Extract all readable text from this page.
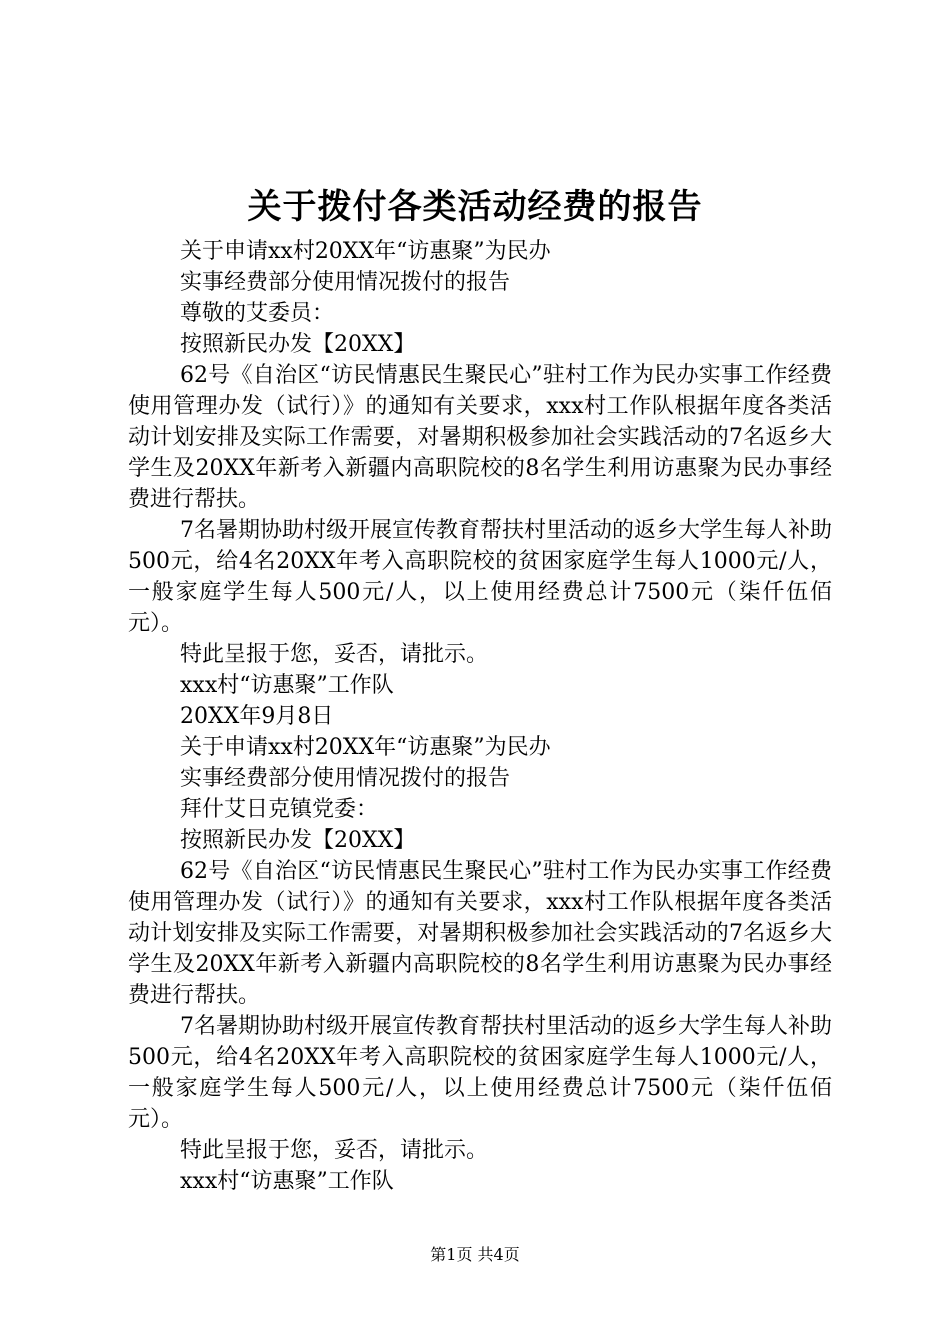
关于拨付各类活动经费的报告
关于申请xx村20XX年“访惠聚”为民办
实事经费部分使用情况拨付的报告
尊敬的艾委员：
按照新民办发【20XX】

62号《自治区“访民情惠民生聚民心”驻村工作为民办实事工作经费使用管理办发（试行）》的通知有关要求，xxx村工作队根据年度各类活动计划安排及实际工作需要，对暑期积极参加社会实践活动的7名返乡大学生及20XX年新考入新疆内高职院校的8名学生利用访惠聚为民办事经费进行帮扶。

7名暑期协助村级开展宣传教育帮扶村里活动的返乡大学生每人补助500元，给4名20XX年考入高职院校的贫困家庭学生每人1000元/人，一般家庭学生每人500元/人，以上使用经费总计7500元（柒仟伍佰元）。

特此呈报于您，妥否，请批示。
xxx村“访惠聚”工作队
20XX年9月8日
关于申请xx村20XX年“访惠聚”为民办
实事经费部分使用情况拨付的报告
拜什艾日克镇党委：
按照新民办发【20XX】

62号《自治区“访民情惠民生聚民心”驻村工作为民办实事工作经费使用管理办发（试行）》的通知有关要求，xxx村工作队根据年度各类活动计划安排及实际工作需要，对暑期积极参加社会实践活动的7名返乡大学生及20XX年新考入新疆内高职院校的8名学生利用访惠聚为民办事经费进行帮扶。

7名暑期协助村级开展宣传教育帮扶村里活动的返乡大学生每人补助500元，给4名20XX年考入高职院校的贫困家庭学生每人1000元/人，一般家庭学生每人500元/人，以上使用经费总计7500元（柒仟伍佰元）。

特此呈报于您，妥否，请批示。
xxx村“访惠聚”工作队
第1页 共4页
